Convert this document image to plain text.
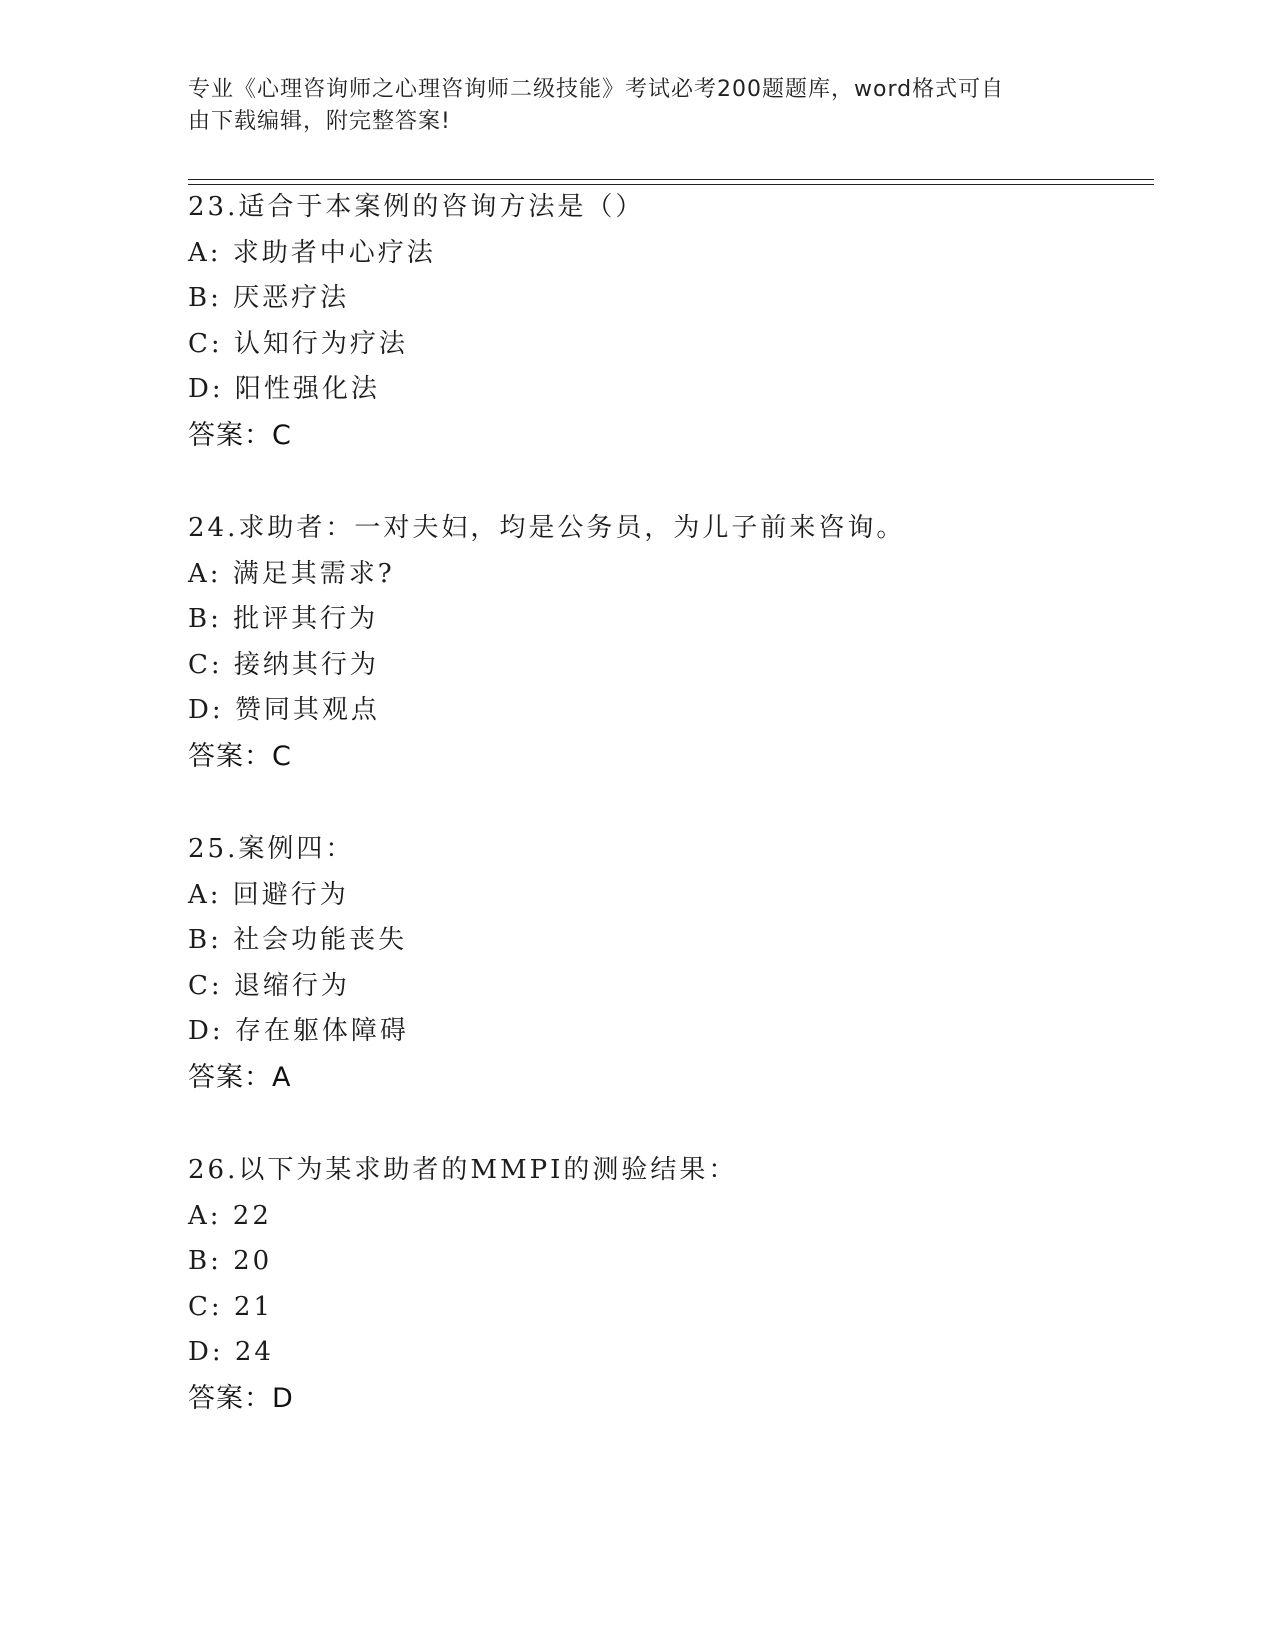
专业《心理咨询师之心理咨询师二级技能》考试必考200题题库，word格式可自
由下载编辑，附完整答案!
23.适合于本案例的咨询方法是（）
A: 求助者中心疗法
B: 厌恶疗法
C: 认知行为疗法
D: 阳性强化法
答案：C
24.求助者：一对夫妇，均是公务员，为儿子前来咨询。
A: 满足其需求?
B: 批评其行为
C: 接纳其行为
D: 赞同其观点
答案：C
25.案例四：
A: 回避行为
B: 社会功能丧失
C: 退缩行为
D: 存在躯体障碍
答案：A
26.以下为某求助者的MMPI的测验结果：
A: 22
B: 20
C: 21
D: 24
答案：D
